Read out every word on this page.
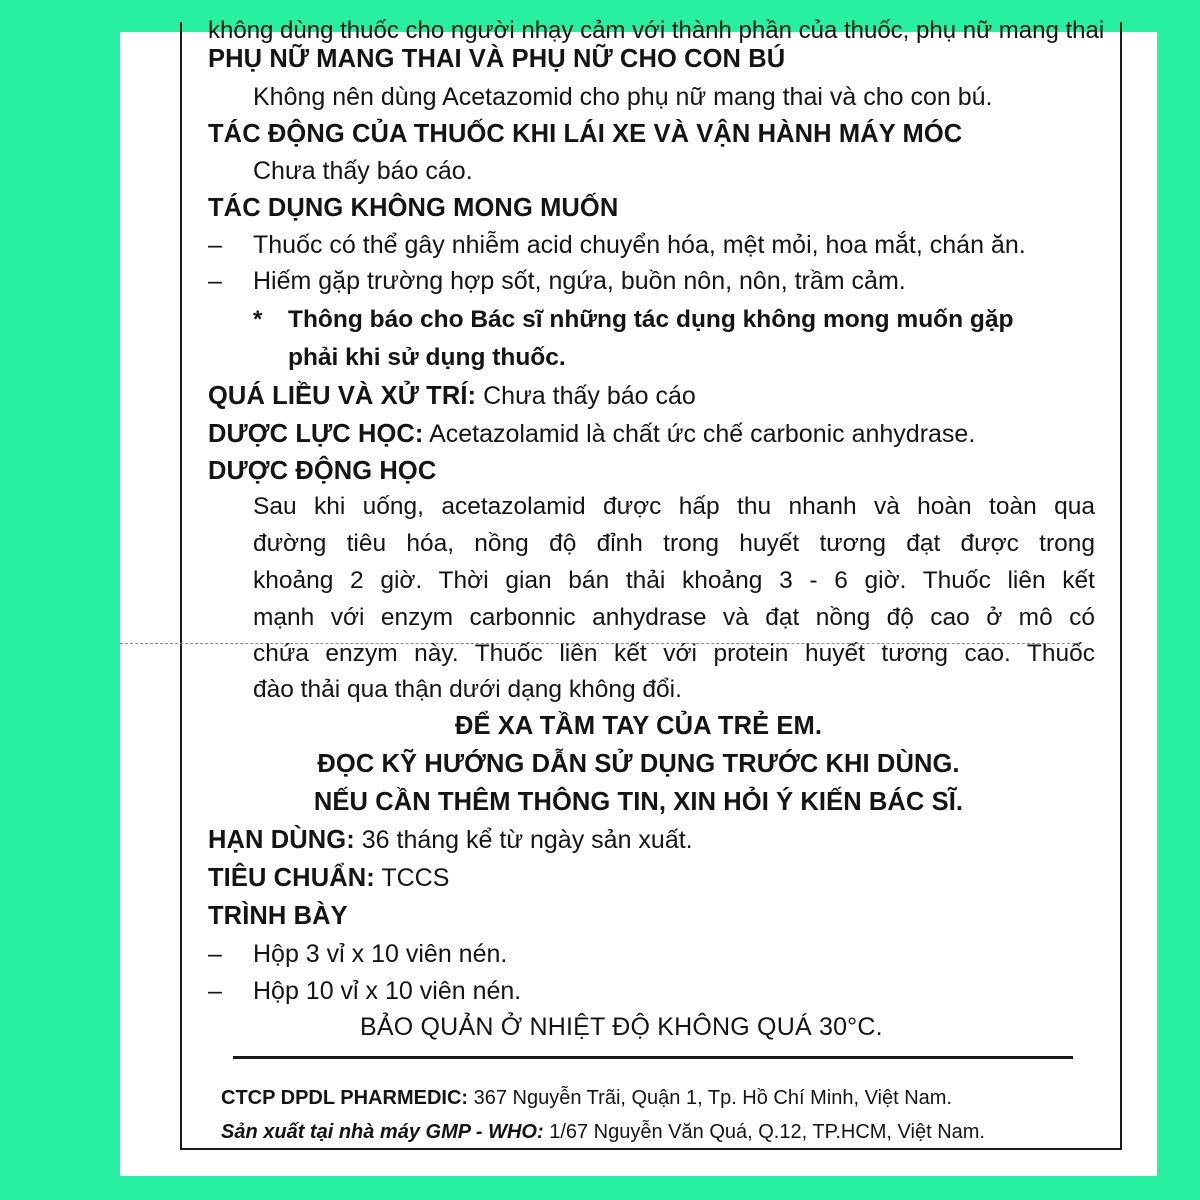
không dùng thuốc cho người nhạy cảm với thành phần của thuốc, phụ nữ mang thai
PHỤ NỮ MANG THAI VÀ PHỤ NỮ CHO CON BÚ
Không nên dùng Acetazomid cho phụ nữ mang thai và cho con bú.
TÁC ĐỘNG CỦA THUỐC KHI LÁI XE VÀ VẬN HÀNH MÁY MÓC
Chưa thấy báo cáo.
TÁC DỤNG KHÔNG MONG MUỐN
– Thuốc có thể gây nhiễm acid chuyển hóa, mệt mỏi, hoa mắt, chán ăn.
– Hiếm gặp trường hợp sốt, ngứa, buồn nôn, nôn, trầm cảm.
* Thông báo cho Bác sĩ những tác dụng không mong muốn gặp
phải khi sử dụng thuốc.
QUÁ LIỀU VÀ XỬ TRÍ: Chưa thấy báo cáo
DƯỢC LỰC HỌC: Acetazolamid là chất ức chế carbonic anhydrase.
DƯỢC ĐỘNG HỌC
Sau khi uống, acetazolamid được hấp thu nhanh và hoàn toàn qua
đường tiêu hóa, nồng độ đỉnh trong huyết tương đạt được trong
khoảng 2 giờ. Thời gian bán thải khoảng 3 - 6 giờ. Thuốc liên kết
mạnh với enzym carbonnic anhydrase và đạt nồng độ cao ở mô có
chứa enzym này. Thuốc liên kết với protein huyết tương cao. Thuốc
đào thải qua thận dưới dạng không đổi.
ĐỂ XA TẦM TAY CỦA TRẺ EM.
ĐỌC KỸ HƯỚNG DẪN SỬ DỤNG TRƯỚC KHI DÙNG.
NẾU CẦN THÊM THÔNG TIN, XIN HỎI Ý KIẾN BÁC SĨ.
HẠN DÙNG: 36 tháng kể từ ngày sản xuất.
TIÊU CHUẨN: TCCS
TRÌNH BÀY
– Hộp 3 vỉ x 10 viên nén.
– Hộp 10 vỉ x 10 viên nén.
BẢO QUẢN Ở NHIỆT ĐỘ KHÔNG QUÁ 30°C.
CTCP DPDL PHARMEDIC: 367 Nguyễn Trãi, Quận 1, Tp. Hồ Chí Minh, Việt Nam.
Sản xuất tại nhà máy GMP - WHO: 1/67 Nguyễn Văn Quá, Q.12, TP.HCM, Việt Nam.
